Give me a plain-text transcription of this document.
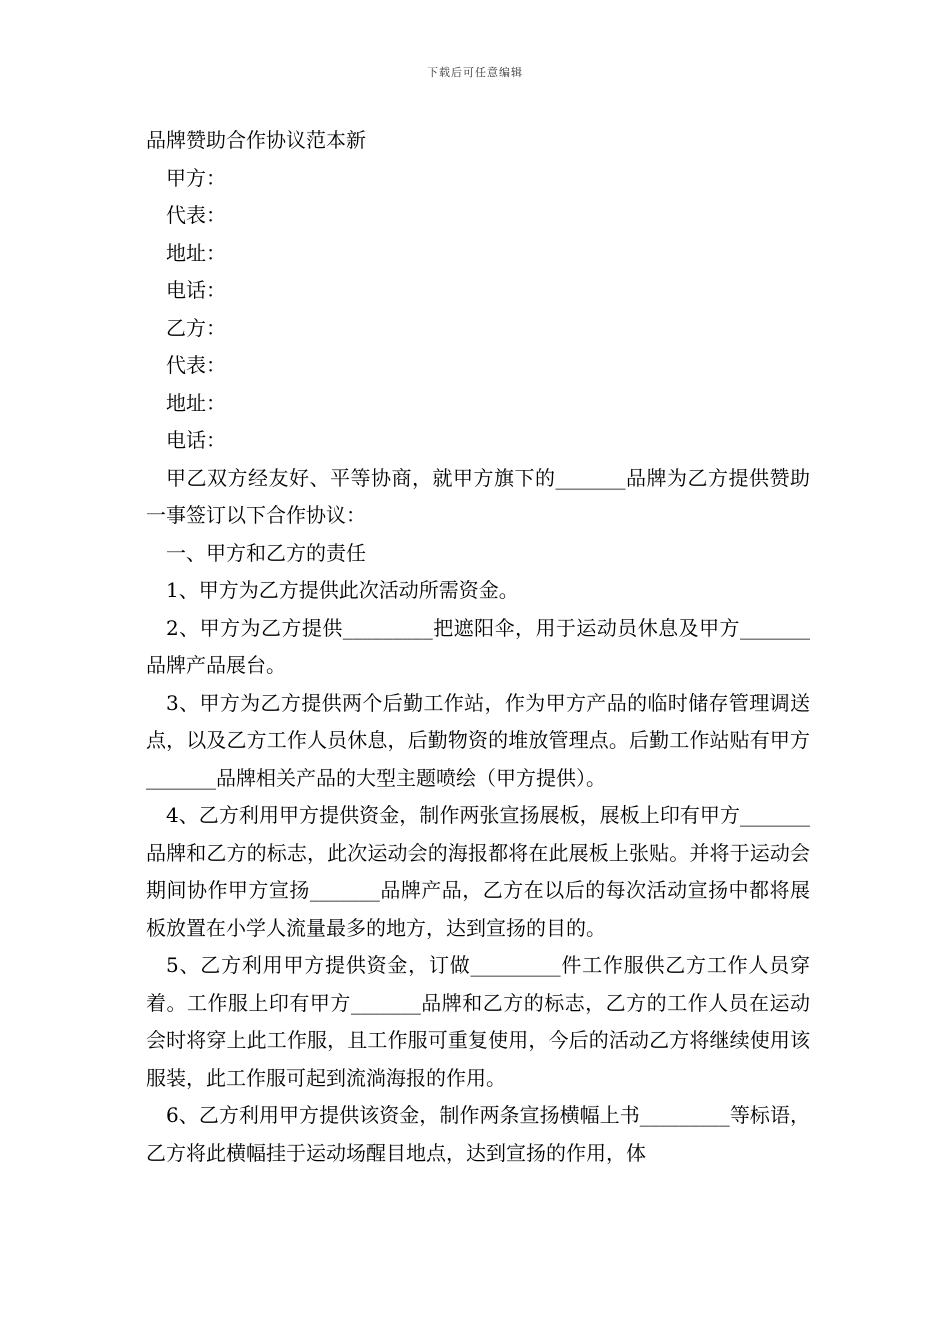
下载后可任意编辑
品牌赞助合作协议范本新
甲方：
代表：
地址：
电话：
乙方：
代表：
地址：
电话：

甲乙双方经友好、平等协商，就甲方旗下的_______品牌为乙方提供赞助一事签订以下合作协议：

一、甲方和乙方的责任

1、甲方为乙方提供此次活动所需资金。

2、甲方为乙方提供_________把遮阳伞，用于运动员休息及甲方_______品牌产品展台。

3、甲方为乙方提供两个后勤工作站，作为甲方产品的临时储存管理调送点，以及乙方工作人员休息，后勤物资的堆放管理点。后勤工作站贴有甲方_______品牌相关产品的大型主题喷绘（甲方提供）。

4、乙方利用甲方提供资金，制作两张宣扬展板，展板上印有甲方_______品牌和乙方的标志，此次运动会的海报都将在此展板上张贴。并将于运动会期间协作甲方宣扬_______品牌产品，乙方在以后的每次活动宣扬中都将展板放置在小学人流量最多的地方，达到宣扬的目的。

5、乙方利用甲方提供资金，订做_________件工作服供乙方工作人员穿着。工作服上印有甲方_______品牌和乙方的标志，乙方的工作人员在运动会时将穿上此工作服，且工作服可重复使用，今后的活动乙方将继续使用该服装，此工作服可起到流淌海报的作用。

6、乙方利用甲方提供该资金，制作两条宣扬横幅上书_________等标语，乙方将此横幅挂于运动场醒目地点，达到宣扬的作用，体
